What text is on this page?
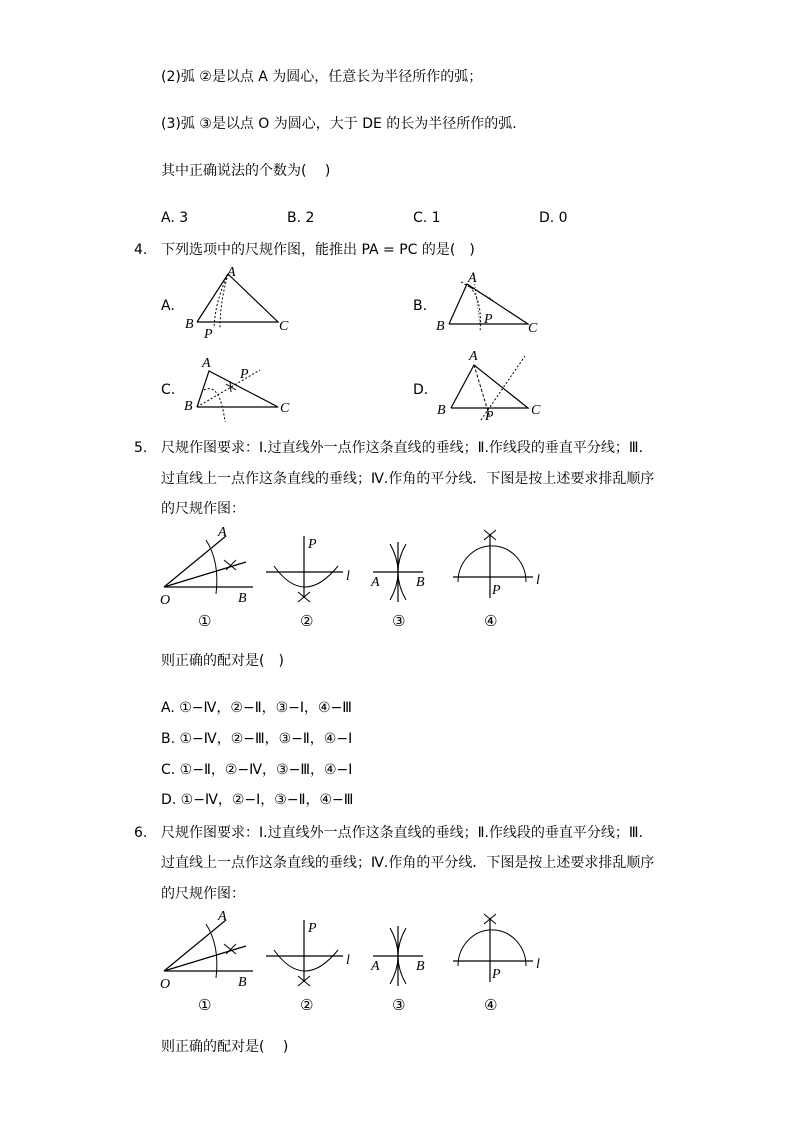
(2)弧 ②是以点 A 为圆心，任意长为半径所作的弧；
(3)弧 ③是以点 O 为圆心，大于 DE 的长为半径所作的弧．
其中正确说法的个数为(　 )
A. 3	B. 2	C. 1	D. 0
4. 下列选项中的尺规作图，能推出 PA = PC 的是(　)
A.
A
B	C
P
B.
A
B	C
P
C.
A
B	C
P
D.
A
B	C
P
5. 尺规作图要求：Ⅰ.过直线外一点作这条直线的垂线；Ⅱ.作线段的垂直平分线；Ⅲ.
过直线上一点作这条直线的垂线；Ⅳ.作角的平分线．下图是按上述要求排乱顺序
的尺规作图：
A
O	B
①
P
l
②
A	B
③
P
l
④
则正确的配对是(　)
A. ①−Ⅳ，②−Ⅱ，③−Ⅰ，④−Ⅲ
B. ①−Ⅳ，②−Ⅲ，③−Ⅱ，④−Ⅰ
C. ①−Ⅱ，②−Ⅳ，③−Ⅲ，④−Ⅰ
D. ①−Ⅳ，②−Ⅰ，③−Ⅱ，④−Ⅲ
6. 尺规作图要求：Ⅰ.过直线外一点作这条直线的垂线；Ⅱ.作线段的垂直平分线；Ⅲ.
过直线上一点作这条直线的垂线；Ⅳ.作角的平分线．下图是按上述要求排乱顺序
的尺规作图：
A
O	B
①
P
l
②
A	B
③
P
l
④
则正确的配对是(　 )
